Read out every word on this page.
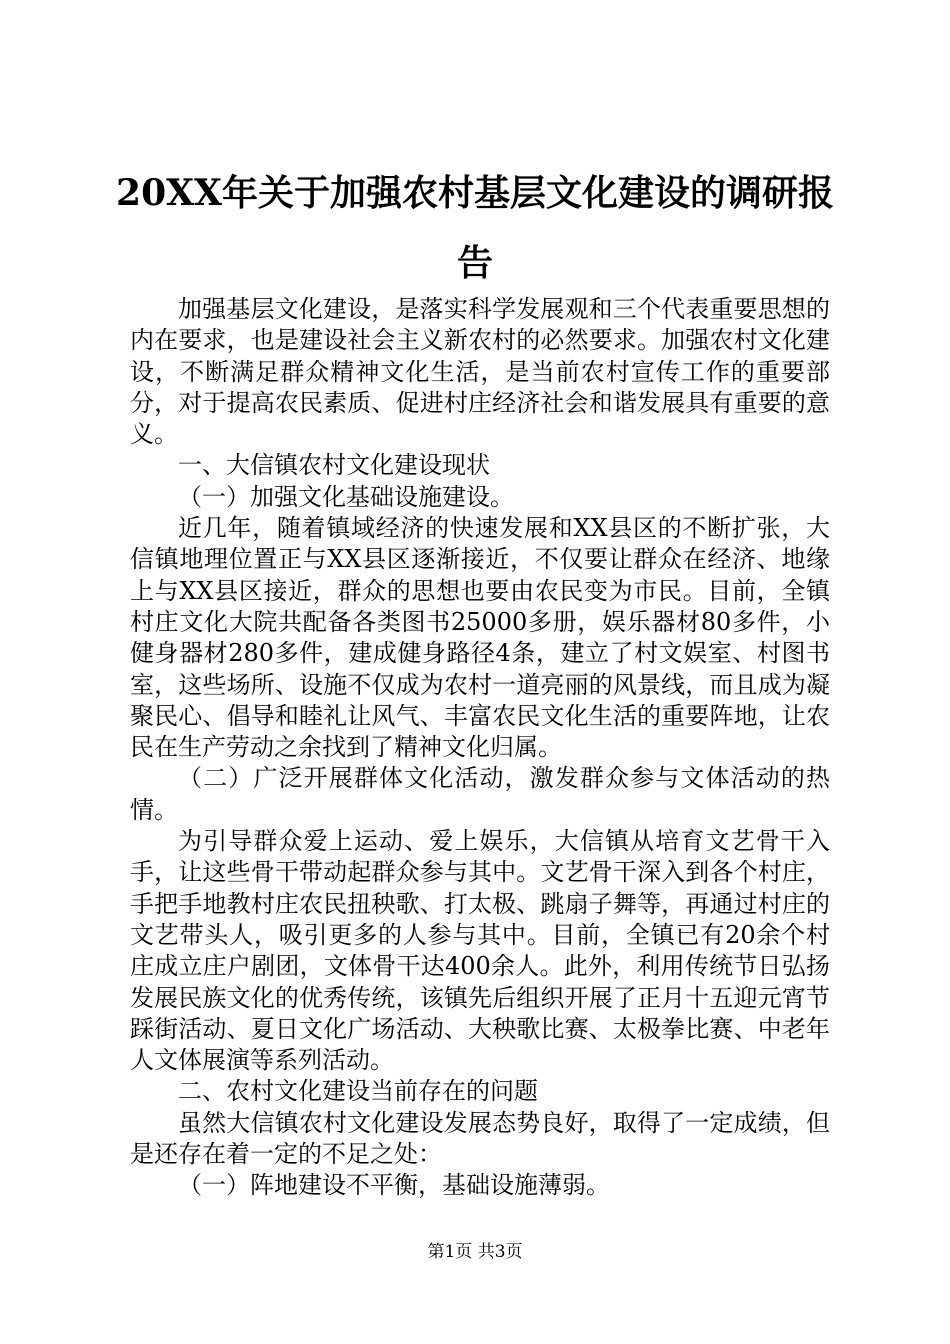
20XX年关于加强农村基层文化建设的调研报告

加强基层文化建设，是落实科学发展观和三个代表重要思想的内在要求，也是建设社会主义新农村的必然要求。加强农村文化建设，不断满足群众精神文化生活，是当前农村宣传工作的重要部分，对于提高农民素质、促进村庄经济社会和谐发展具有重要的意义。

一、大信镇农村文化建设现状

（一）加强文化基础设施建设。

近几年，随着镇域经济的快速发展和XX县区的不断扩张，大信镇地理位置正与XX县区逐渐接近，不仅要让群众在经济、地缘上与XX县区接近，群众的思想也要由农民变为市民。目前，全镇村庄文化大院共配备各类图书25000多册，娱乐器材80多件，小健身器材280多件，建成健身路径4条，建立了村文娱室、村图书室，这些场所、设施不仅成为农村一道亮丽的风景线，而且成为凝聚民心、倡导和睦礼让风气、丰富农民文化生活的重要阵地，让农民在生产劳动之余找到了精神文化归属。

（二）广泛开展群体文化活动，激发群众参与文体活动的热情。

为引导群众爱上运动、爱上娱乐，大信镇从培育文艺骨干入手，让这些骨干带动起群众参与其中。文艺骨干深入到各个村庄，手把手地教村庄农民扭秧歌、打太极、跳扇子舞等，再通过村庄的文艺带头人，吸引更多的人参与其中。目前，全镇已有20余个村庄成立庄户剧团，文体骨干达400余人。此外，利用传统节日弘扬发展民族文化的优秀传统，该镇先后组织开展了正月十五迎元宵节踩街活动、夏日文化广场活动、大秧歌比赛、太极拳比赛、中老年人文体展演等系列活动。

二、农村文化建设当前存在的问题

虽然大信镇农村文化建设发展态势良好，取得了一定成绩，但是还存在着一定的不足之处：

（一）阵地建设不平衡，基础设施薄弱。

第1页 共3页
